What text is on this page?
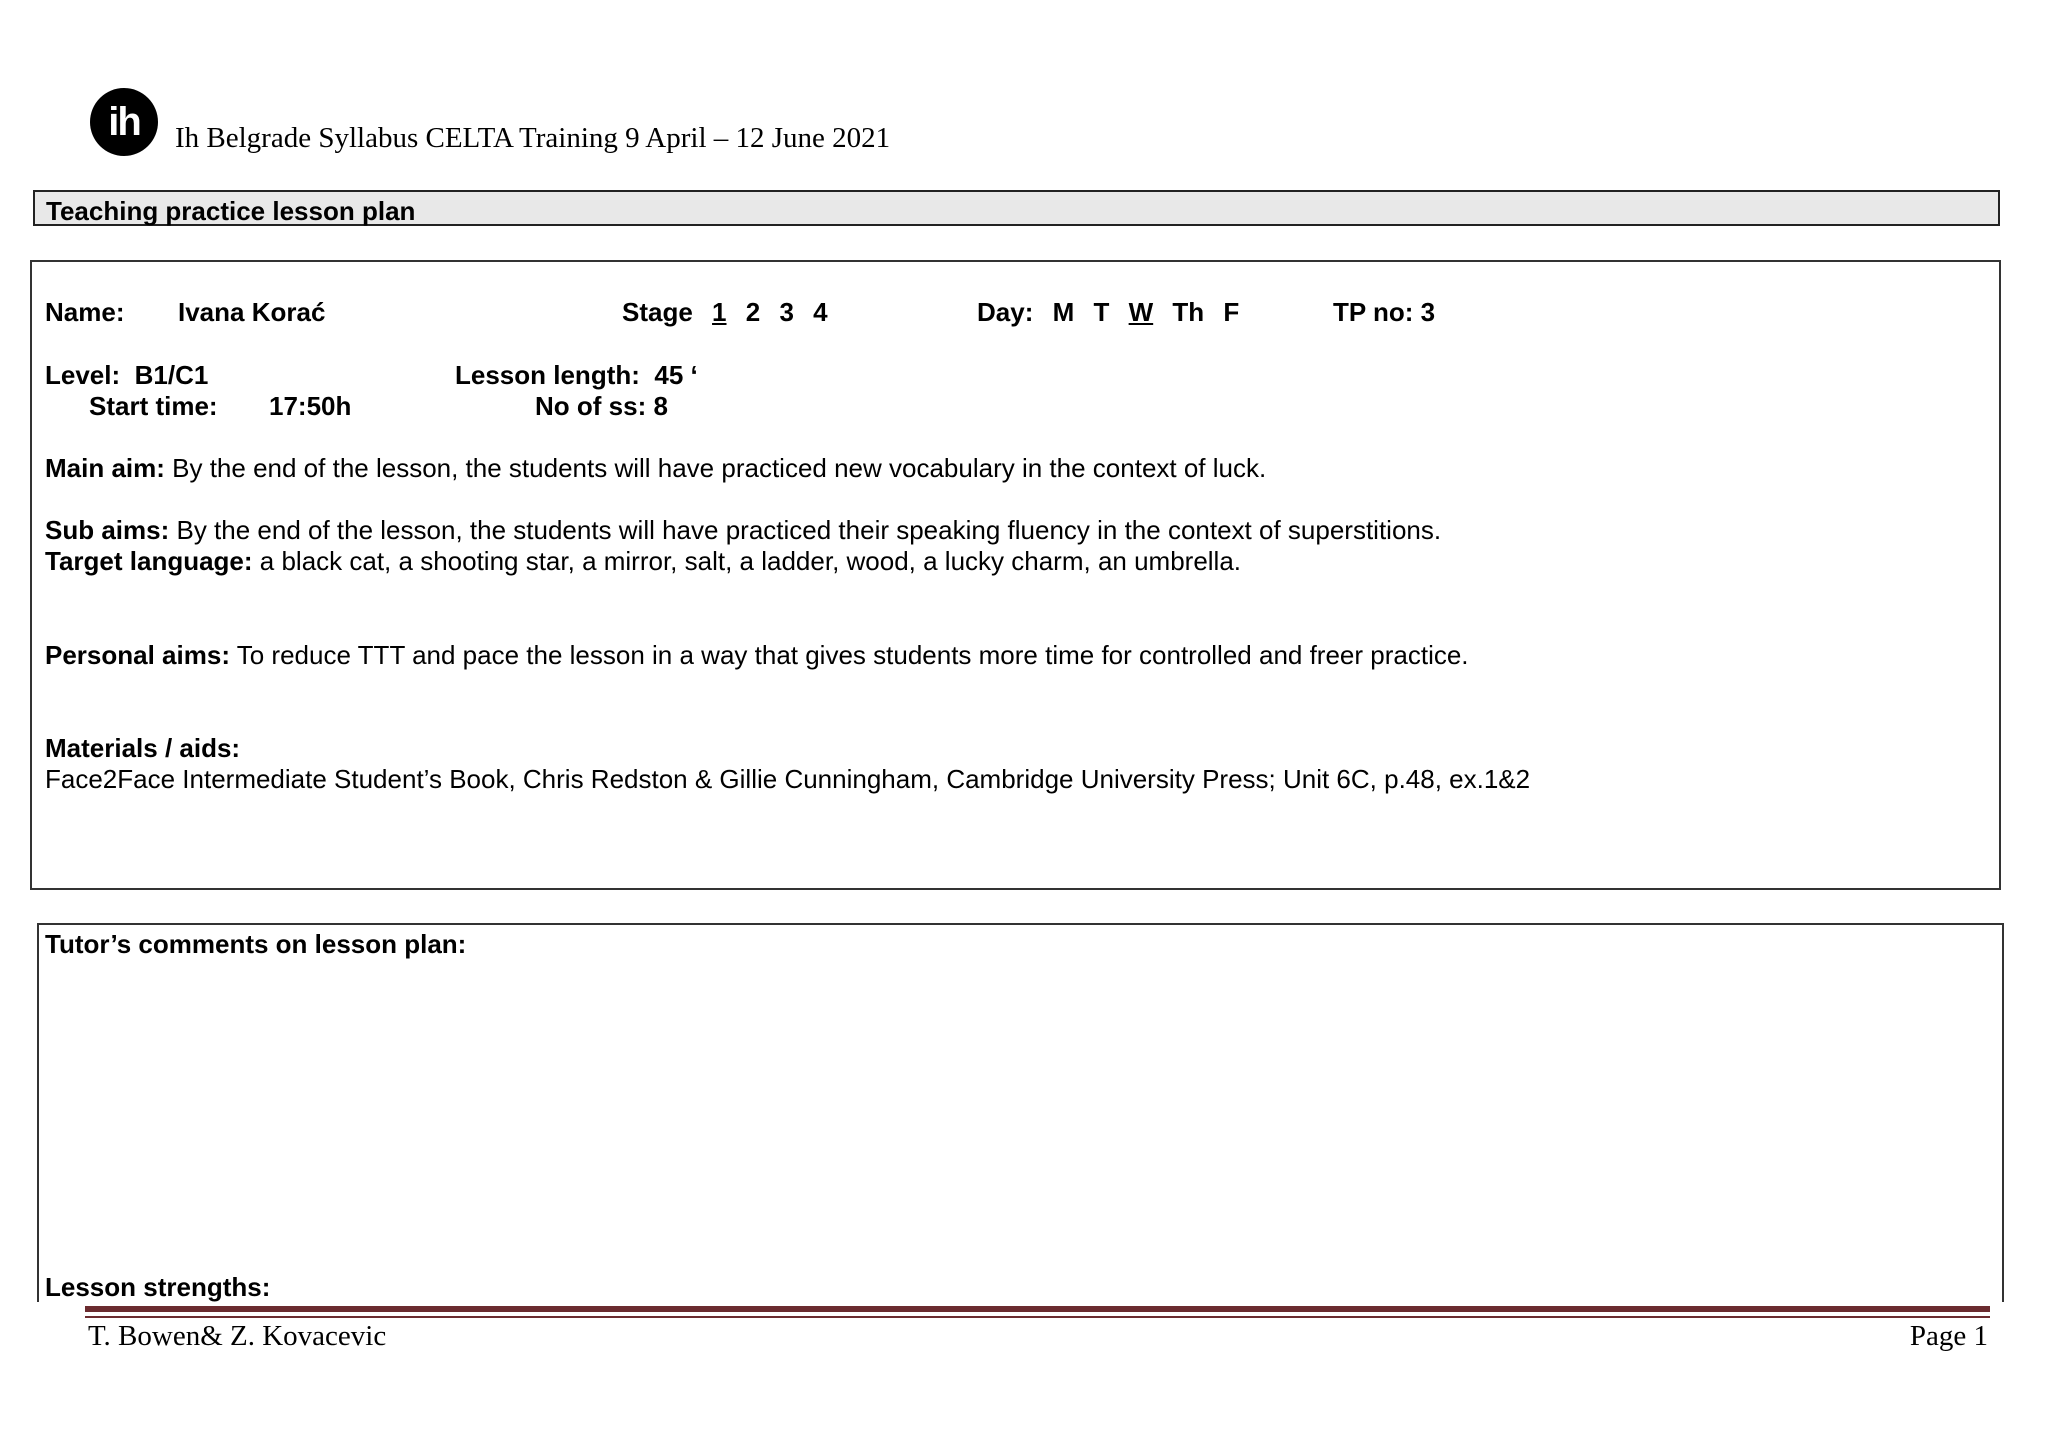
ih	Ih Belgrade Syllabus CELTA Training 9 April – 12 June 2021
Teaching practice lesson plan
Name: Ivana Korać	Stage 1 2 3 4	Day: M T W Th F	TP no: 3
Level: B1/C1	Lesson length: 45 ‘
Start time: 17:50h	No of ss: 8
Main aim: By the end of the lesson, the students will have practiced new vocabulary in the context of luck.
Sub aims: By the end of the lesson, the students will have practiced their speaking fluency in the context of superstitions.
Target language: a black cat, a shooting star, a mirror, salt, a ladder, wood, a lucky charm, an umbrella.
Personal aims: To reduce TTT and pace the lesson in a way that gives students more time for controlled and freer practice.
Materials / aids:
Face2Face Intermediate Student’s Book, Chris Redston & Gillie Cunningham, Cambridge University Press; Unit 6C, p.48, ex.1&2
Tutor’s comments on lesson plan:
Lesson strengths:
T. Bowen& Z. Kovacevic	Page 1
